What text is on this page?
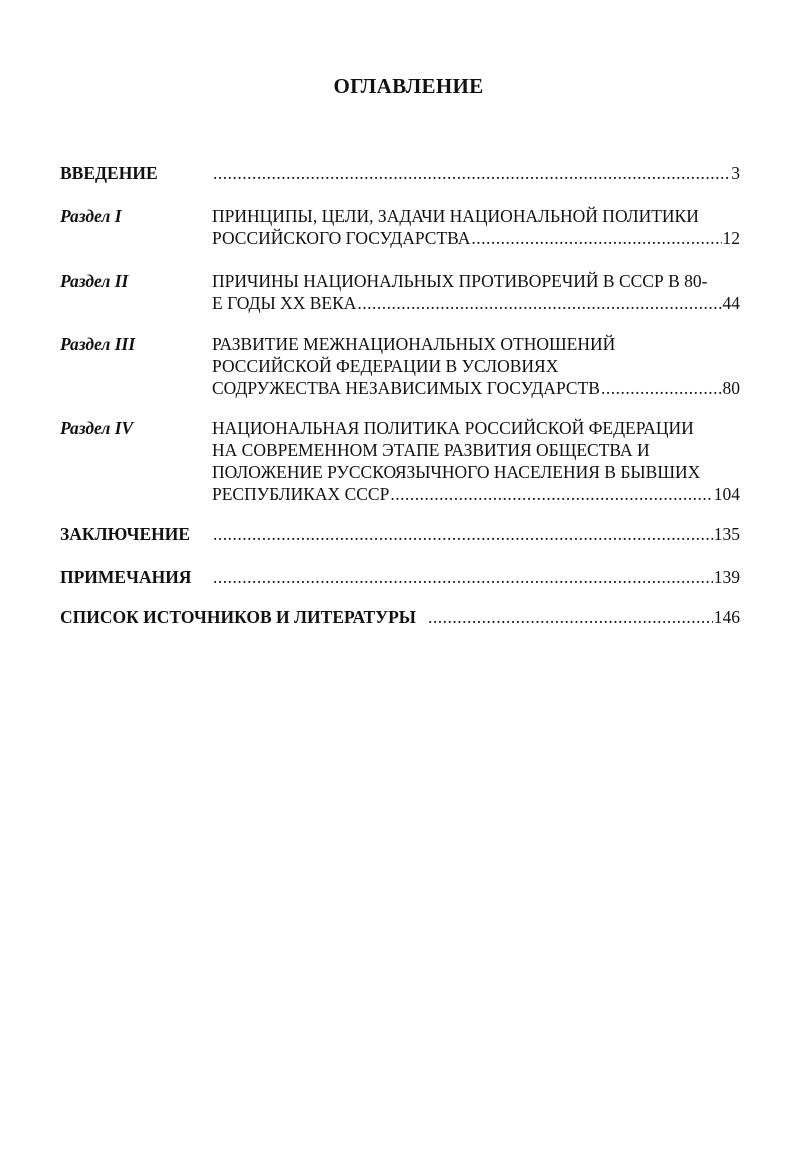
ОГЛАВЛЕНИЕ
ВВЕДЕНИЕ .....	3
Раздел I	ПРИНЦИПЫ, ЦЕЛИ, ЗАДАЧИ НАЦИОНАЛЬНОЙ ПОЛИТИКИ
РОССИЙСКОГО ГОСУДАРСТВА .....	12
Раздел II	ПРИЧИНЫ НАЦИОНАЛЬНЫХ ПРОТИВОРЕЧИЙ В СССР В 80-
Е ГОДЫ XX ВЕКА .....	44
Раздел III	РАЗВИТИЕ МЕЖНАЦИОНАЛЬНЫХ ОТНОШЕНИЙ
РОССИЙСКОЙ ФЕДЕРАЦИИ В УСЛОВИЯХ
СОДРУЖЕСТВА НЕЗАВИСИМЫХ ГОСУДАРСТВ .....	80
Раздел IV	НАЦИОНАЛЬНАЯ ПОЛИТИКА РОССИЙСКОЙ ФЕДЕРАЦИИ
НА СОВРЕМЕННОМ ЭТАПЕ РАЗВИТИЯ ОБЩЕСТВА И
ПОЛОЖЕНИЕ РУССКОЯЗЫЧНОГО НАСЕЛЕНИЯ В БЫВШИХ
РЕСПУБЛИКАХ СССР .....	104
ЗАКЛЮЧЕНИЕ .....	135
ПРИМЕЧАНИЯ .....	139
СПИСОК ИСТОЧНИКОВ И ЛИТЕРАТУРЫ .....	146
